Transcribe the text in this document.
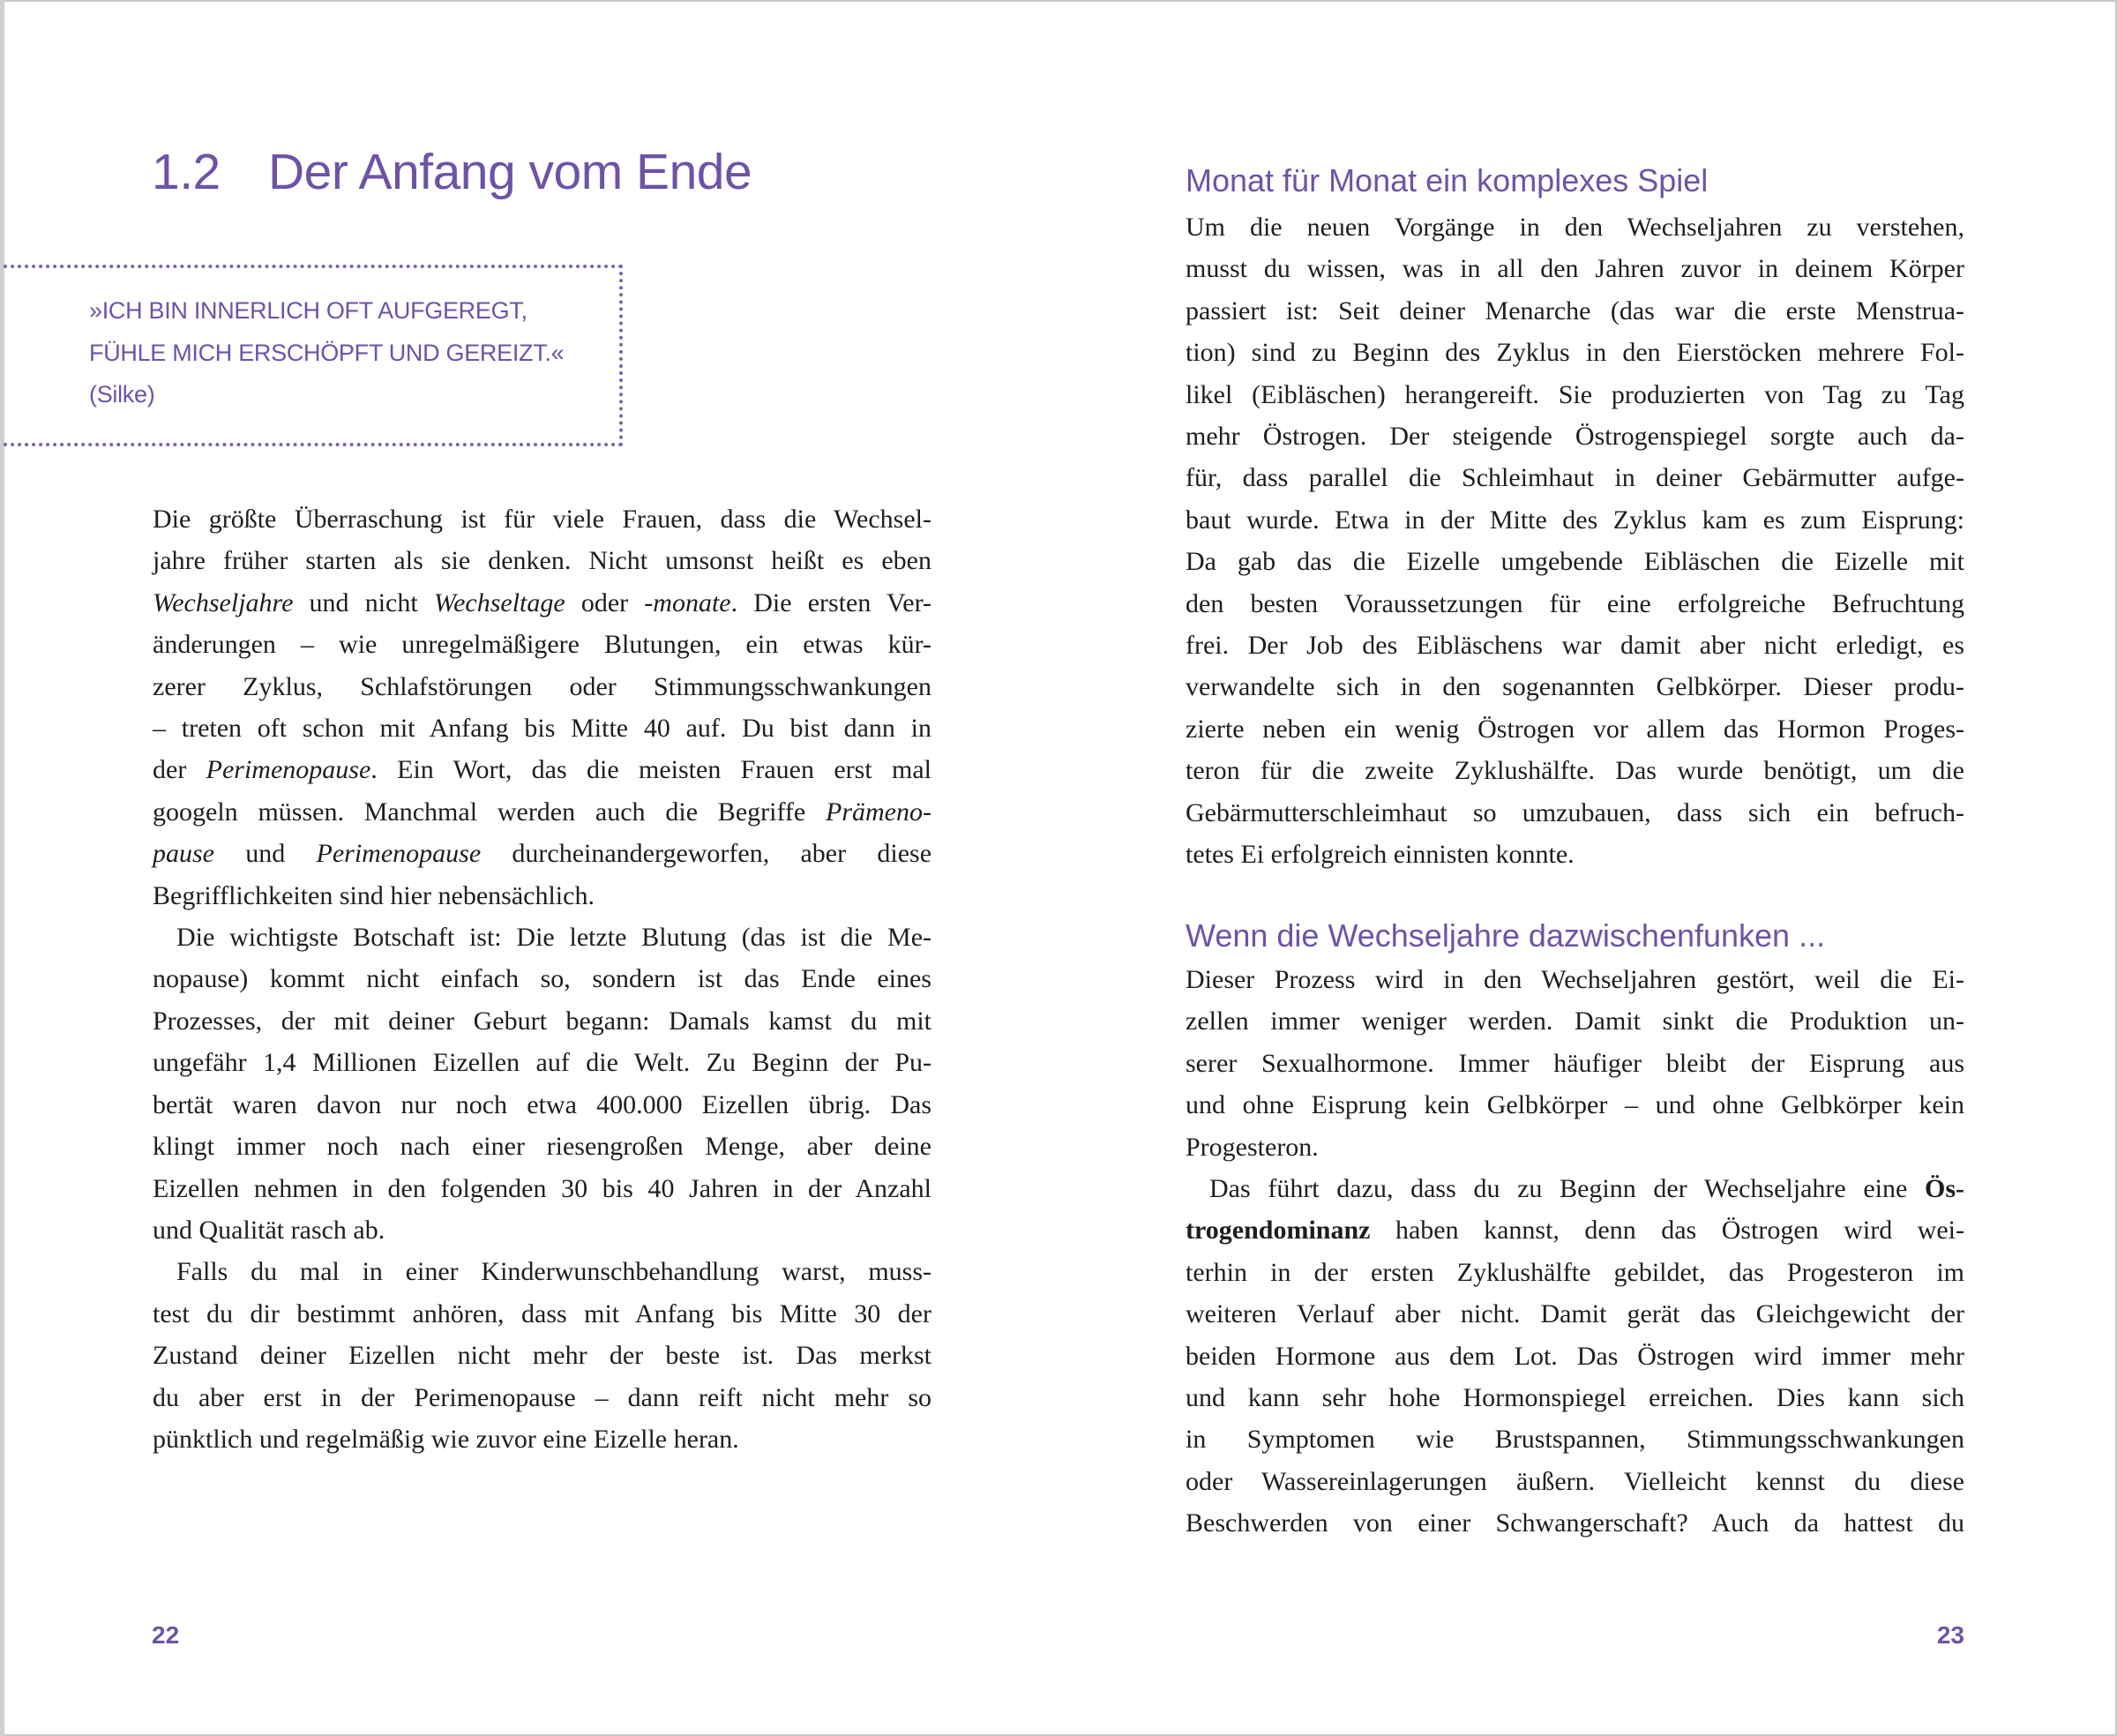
1.2 Der Anfang vom Ende
»ICH BIN INNERLICH OFT AUFGEREGT,
FÜHLE MICH ERSCHÖPFT UND GEREIZT.«
(Silke)
Die größte Überraschung ist für viele Frauen, dass die Wechsel-
jahre früher starten als sie denken. Nicht umsonst heißt es eben
Wechseljahre und nicht Wechseltage oder -monate. Die ersten Ver-
änderungen – wie unregelmäßigere Blutungen, ein etwas kür-
zerer Zyklus, Schlafstörungen oder Stimmungsschwankungen
– treten oft schon mit Anfang bis Mitte 40 auf. Du bist dann in
der Perimenopause. Ein Wort, das die meisten Frauen erst mal
googeln müssen. Manchmal werden auch die Begriffe Prämeno-
pause und Perimenopause durcheinandergeworfen, aber diese
Begrifflichkeiten sind hier nebensächlich.
Die wichtigste Botschaft ist: Die letzte Blutung (das ist die Me-
nopause) kommt nicht einfach so, sondern ist das Ende eines
Prozesses, der mit deiner Geburt begann: Damals kamst du mit
ungefähr 1,4 Millionen Eizellen auf die Welt. Zu Beginn der Pu-
bertät waren davon nur noch etwa 400.000 Eizellen übrig. Das
klingt immer noch nach einer riesengroßen Menge, aber deine
Eizellen nehmen in den folgenden 30 bis 40 Jahren in der Anzahl
und Qualität rasch ab.
Falls du mal in einer Kinderwunschbehandlung warst, muss-
test du dir bestimmt anhören, dass mit Anfang bis Mitte 30 der
Zustand deiner Eizellen nicht mehr der beste ist. Das merkst
du aber erst in der Perimenopause – dann reift nicht mehr so
pünktlich und regelmäßig wie zuvor eine Eizelle heran.
Monat für Monat ein komplexes Spiel
Um die neuen Vorgänge in den Wechseljahren zu verstehen,
musst du wissen, was in all den Jahren zuvor in deinem Körper
passiert ist: Seit deiner Menarche (das war die erste Menstrua-
tion) sind zu Beginn des Zyklus in den Eierstöcken mehrere Fol-
likel (Eibläschen) herangereift. Sie produzierten von Tag zu Tag
mehr Östrogen. Der steigende Östrogenspiegel sorgte auch da-
für, dass parallel die Schleimhaut in deiner Gebärmutter aufge-
baut wurde. Etwa in der Mitte des Zyklus kam es zum Eisprung:
Da gab das die Eizelle umgebende Eibläschen die Eizelle mit
den besten Voraussetzungen für eine erfolgreiche Befruchtung
frei. Der Job des Eibläschens war damit aber nicht erledigt, es
verwandelte sich in den sogenannten Gelbkörper. Dieser produ-
zierte neben ein wenig Östrogen vor allem das Hormon Proges-
teron für die zweite Zyklushälfte. Das wurde benötigt, um die
Gebärmutterschleimhaut so umzubauen, dass sich ein befruch-
tetes Ei erfolgreich einnisten konnte.
Wenn die Wechseljahre dazwischenfunken ...
Dieser Prozess wird in den Wechseljahren gestört, weil die Ei-
zellen immer weniger werden. Damit sinkt die Produktion un-
serer Sexualhormone. Immer häufiger bleibt der Eisprung aus
und ohne Eisprung kein Gelbkörper – und ohne Gelbkörper kein
Progesteron.
Das führt dazu, dass du zu Beginn der Wechseljahre eine Ös-
trogendominanz haben kannst, denn das Östrogen wird wei-
terhin in der ersten Zyklushälfte gebildet, das Progesteron im
weiteren Verlauf aber nicht. Damit gerät das Gleichgewicht der
beiden Hormone aus dem Lot. Das Östrogen wird immer mehr
und kann sehr hohe Hormonspiegel erreichen. Dies kann sich
in Symptomen wie Brustspannen, Stimmungsschwankungen
oder Wassereinlagerungen äußern. Vielleicht kennst du diese
Beschwerden von einer Schwangerschaft? Auch da hattest du
22	23
